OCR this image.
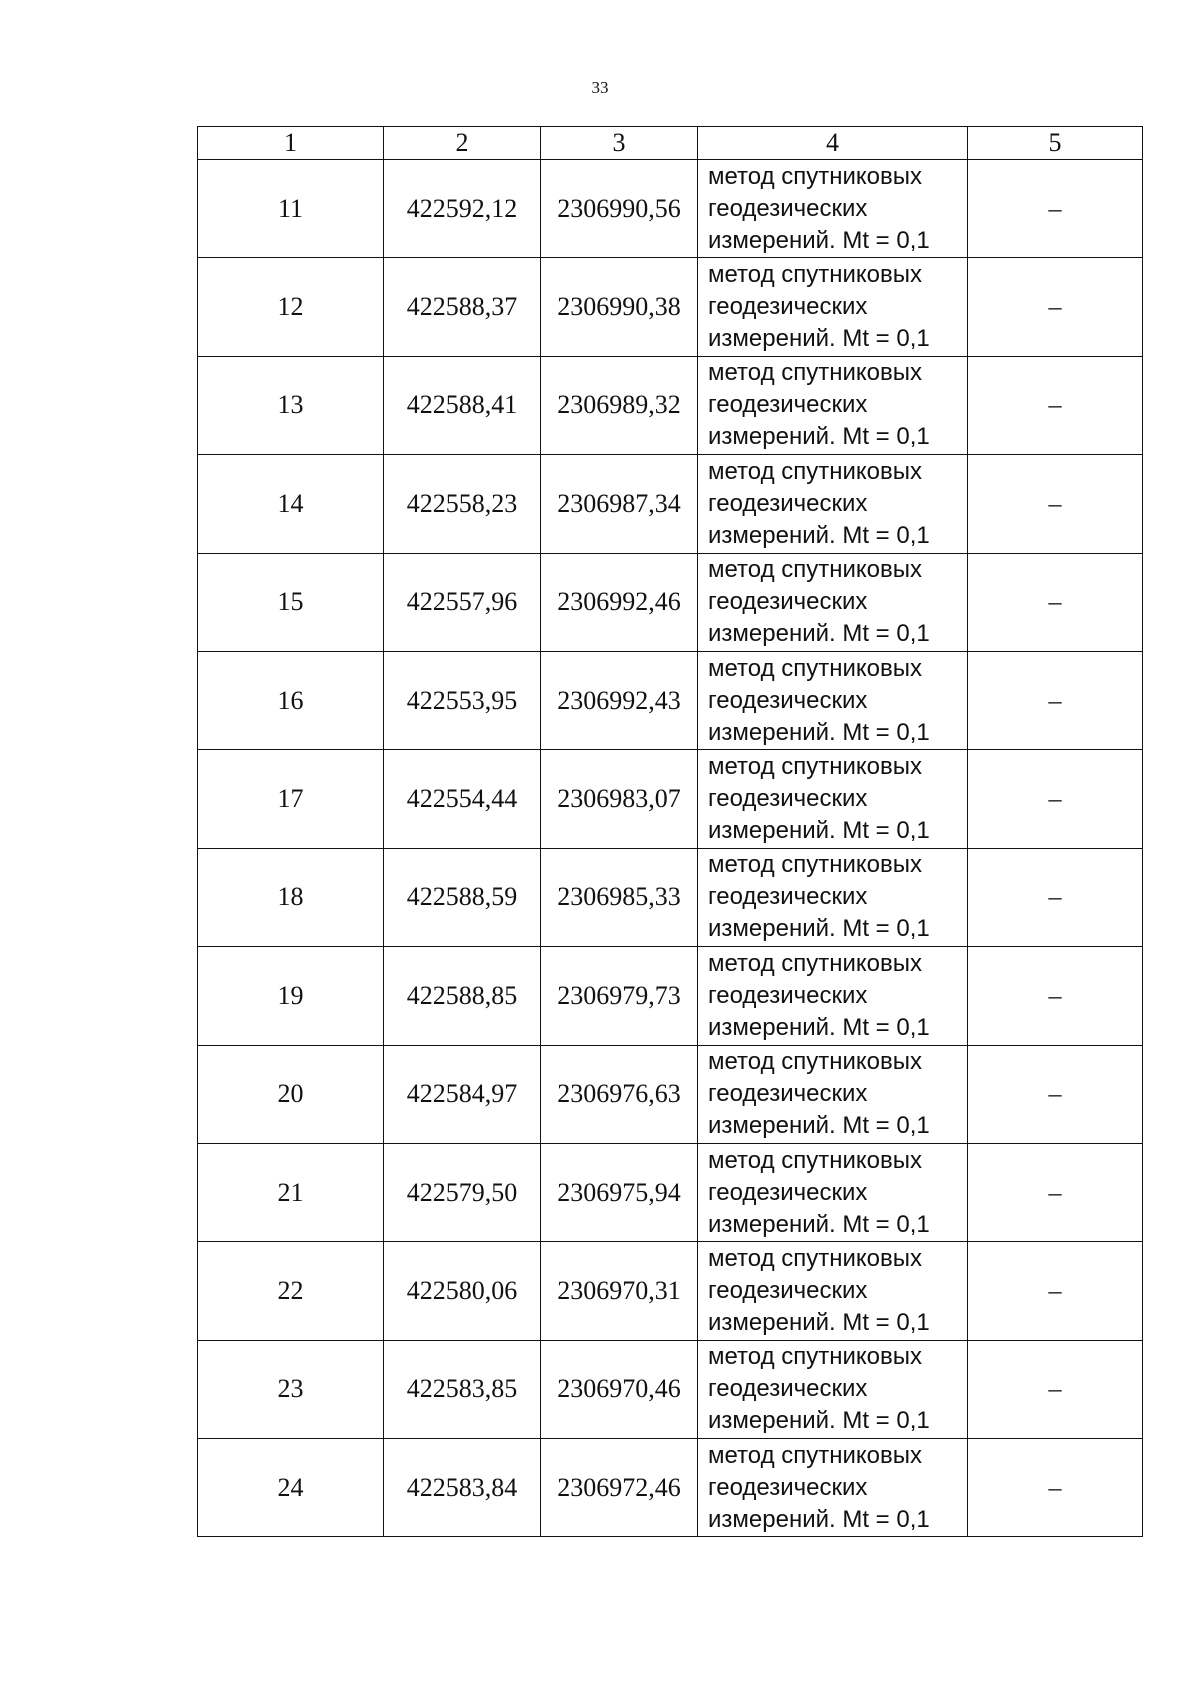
33
1	2	3	4	5
11	422592,12	2306990,56	метод спутниковых
геодезических
измерений. Mt = 0,1	–
12	422588,37	2306990,38	метод спутниковых
геодезических
измерений. Mt = 0,1	–
13	422588,41	2306989,32	метод спутниковых
геодезических
измерений. Mt = 0,1	–
14	422558,23	2306987,34	метод спутниковых
геодезических
измерений. Mt = 0,1	–
15	422557,96	2306992,46	метод спутниковых
геодезических
измерений. Mt = 0,1	–
16	422553,95	2306992,43	метод спутниковых
геодезических
измерений. Mt = 0,1	–
17	422554,44	2306983,07	метод спутниковых
геодезических
измерений. Mt = 0,1	–
18	422588,59	2306985,33	метод спутниковых
геодезических
измерений. Mt = 0,1	–
19	422588,85	2306979,73	метод спутниковых
геодезических
измерений. Mt = 0,1	–
20	422584,97	2306976,63	метод спутниковых
геодезических
измерений. Mt = 0,1	–
21	422579,50	2306975,94	метод спутниковых
геодезических
измерений. Mt = 0,1	–
22	422580,06	2306970,31	метод спутниковых
геодезических
измерений. Mt = 0,1	–
23	422583,85	2306970,46	метод спутниковых
геодезических
измерений. Mt = 0,1	–
24	422583,84	2306972,46	метод спутниковых
геодезических
измерений. Mt = 0,1	–
